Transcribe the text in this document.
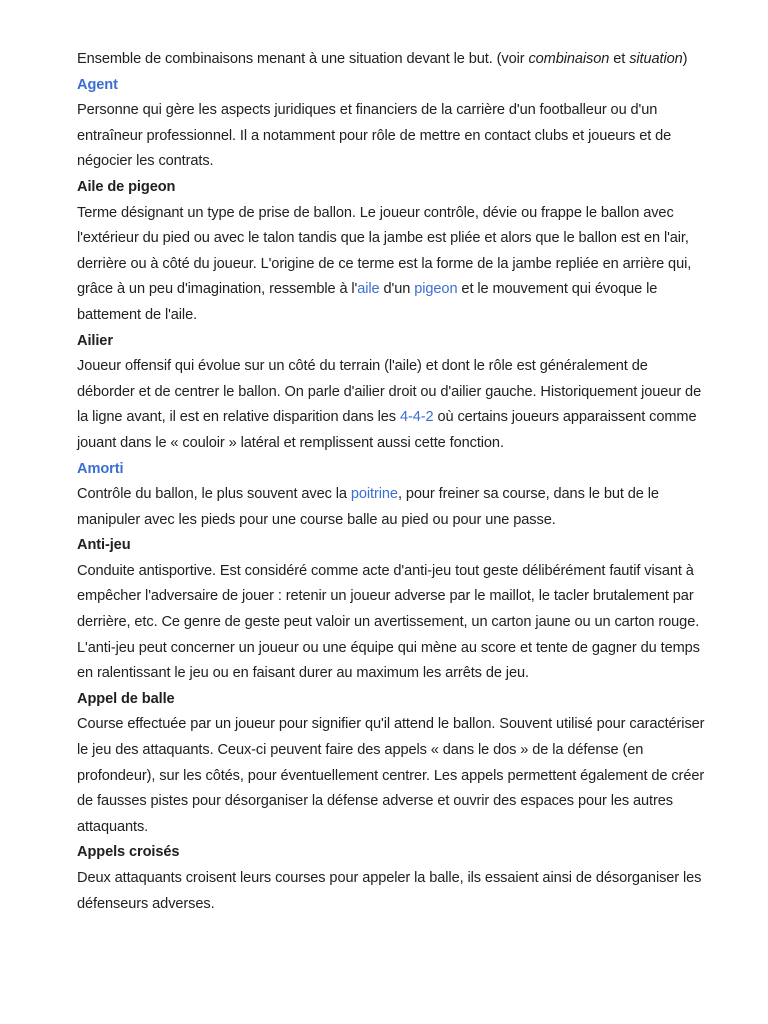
Ensemble de combinaisons menant à une situation devant le but. (voir combinaison et situation)

Agent

Personne qui gère les aspects juridiques et financiers de la carrière d'un footballeur ou d'un entraîneur professionnel. Il a notamment pour rôle de mettre en contact clubs et joueurs et de négocier les contrats.

Aile de pigeon

Terme désignant un type de prise de ballon. Le joueur contrôle, dévie ou frappe le ballon avec l'extérieur du pied ou avec le talon tandis que la jambe est pliée et alors que le ballon est en l'air, derrière ou à côté du joueur. L'origine de ce terme est la forme de la jambe repliée en arrière qui, grâce à un peu d'imagination, ressemble à l'aile d'un pigeon et le mouvement qui évoque le battement de l'aile.

Ailier

Joueur offensif qui évolue sur un côté du terrain (l'aile) et dont le rôle est généralement de déborder et de centrer le ballon. On parle d'ailier droit ou d'ailier gauche. Historiquement joueur de la ligne avant, il est en relative disparition dans les 4-4-2 où certains joueurs apparaissent comme jouant dans le « couloir » latéral et remplissent aussi cette fonction.

Amorti

Contrôle du ballon, le plus souvent avec la poitrine, pour freiner sa course, dans le but de le manipuler avec les pieds pour une course balle au pied ou pour une passe.

Anti-jeu

Conduite antisportive. Est considéré comme acte d'anti-jeu tout geste délibérément fautif visant à empêcher l'adversaire de jouer : retenir un joueur adverse par le maillot, le tacler brutalement par derrière, etc. Ce genre de geste peut valoir un avertissement, un carton jaune ou un carton rouge. L'anti-jeu peut concerner un joueur ou une équipe qui mène au score et tente de gagner du temps en ralentissant le jeu ou en faisant durer au maximum les arrêts de jeu.

Appel de balle

Course effectuée par un joueur pour signifier qu'il attend le ballon. Souvent utilisé pour caractériser le jeu des attaquants. Ceux-ci peuvent faire des appels « dans le dos » de la défense (en profondeur), sur les côtés, pour éventuellement centrer. Les appels permettent également de créer de fausses pistes pour désorganiser la défense adverse et ouvrir des espaces pour les autres attaquants.

Appels croisés

Deux attaquants croisent leurs courses pour appeler la balle, ils essaient ainsi de désorganiser les défenseurs adverses.
